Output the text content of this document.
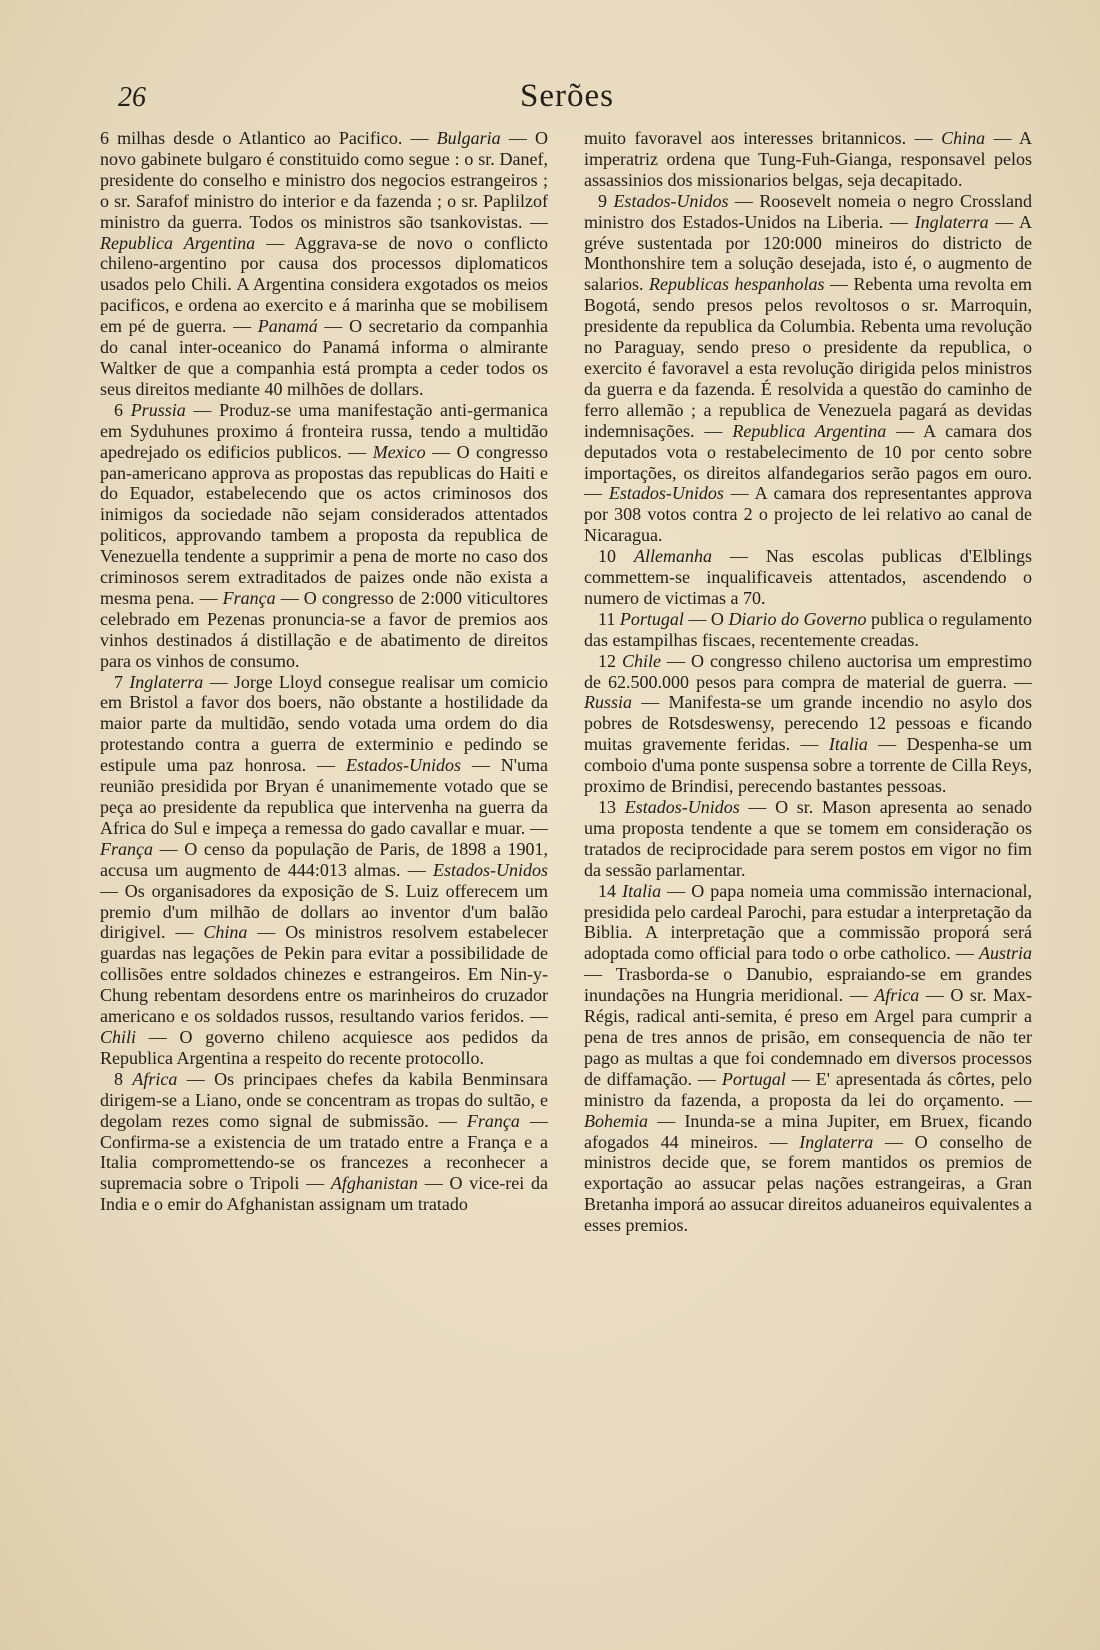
26	Serões

6 milhas desde o Atlantico ao Pacifico. — Bulgaria — O novo gabinete bulgaro é constituido como segue : o sr. Danef, presidente do conselho e ministro dos negocios estrangeiros ; o sr. Sarafof ministro do interior e da fazenda ; o sr. Paplilzof ministro da guerra. Todos os ministros são tsankovistas. — Republica Argentina — Aggrava-se de novo o conflicto chileno-argentino por causa dos processos diplomaticos usados pelo Chili. A Argentina considera exgotados os meios pacificos, e ordena ao exercito e á marinha que se mobilisem em pé de guerra. — Panamá — O secretario da companhia do canal inter-oceanico do Panamá informa o almirante Waltker de que a companhia está prompta a ceder todos os seus direitos mediante 40 milhões de dollars.

6 Prussia — Produz-se uma manifestação anti-germanica em Syduhunes proximo á fronteira russa, tendo a multidão apedrejado os edificios publicos. — Mexico — O congresso pan-americano approva as propostas das republicas do Haiti e do Equador, estabelecendo que os actos criminosos dos inimigos da sociedade não sejam considerados attentados politicos, approvando tambem a proposta da republica de Venezuella tendente a supprimir a pena de morte no caso dos criminosos serem extraditados de paizes onde não exista a mesma pena. — França — O congresso de 2:000 viticultores celebrado em Pezenas pronuncia-se a favor de premios aos vinhos destinados á distillação e de abatimento de direitos para os vinhos de consumo.

7 Inglaterra — Jorge Lloyd consegue realisar um comicio em Bristol a favor dos boers, não obstante a hostilidade da maior parte da multidão, sendo votada uma ordem do dia protestando contra a guerra de exterminio e pedindo se estipule uma paz honrosa. — Estados-Unidos — N'uma reunião presidida por Bryan é unanimemente votado que se peça ao presidente da republica que intervenha na guerra da Africa do Sul e impeça a remessa do gado cavallar e muar. — França — O censo da população de Paris, de 1898 a 1901, accusa um augmento de 444:013 almas. — Estados-Unidos — Os organisadores da exposição de S. Luiz offerecem um premio d'um milhão de dollars ao inventor d'um balão dirigivel. — China — Os ministros resolvem estabelecer guardas nas legações de Pekin para evitar a possibilidade de collisões entre soldados chinezes e estrangeiros. Em Nin-y-Chung rebentam desordens entre os marinheiros do cruzador americano e os soldados russos, resultando varios feridos. — Chili — O governo chileno acquiesce aos pedidos da Republica Argentina a respeito do recente protocollo.

8 Africa — Os principaes chefes da kabila Benminsara dirigem-se a Liano, onde se concentram as tropas do sultão, e degolam rezes como signal de submissão. — França — Confirma-se a existencia de um tratado entre a França e a Italia compromettendo-se os francezes a reconhecer a supremacia sobre o Tripoli — Afghanistan — O vice-rei da India e o emir do Afghanistan assignam um tratado

muito favoravel aos interesses britannicos. — China — A imperatriz ordena que Tung-Fuh-Gianga, responsavel pelos assassinios dos missionarios belgas, seja decapitado.

9 Estados-Unidos — Roosevelt nomeia o negro Crossland ministro dos Estados-Unidos na Liberia. — Inglaterra — A gréve sustentada por 120:000 mineiros do districto de Monthonshire tem a solução desejada, isto é, o augmento de salarios. Republicas hespanholas — Rebenta uma revolta em Bogotá, sendo presos pelos revoltosos o sr. Marroquin, presidente da republica da Columbia. Rebenta uma revolução no Paraguay, sendo preso o presidente da republica, o exercito é favoravel a esta revolução dirigida pelos ministros da guerra e da fazenda. É resolvida a questão do caminho de ferro allemão ; a republica de Venezuela pagará as devidas indemnisações. — Republica Argentina — A camara dos deputados vota o restabelecimento de 10 por cento sobre importações, os direitos alfandegarios serão pagos em ouro. — Estados-Unidos — A camara dos representantes approva por 308 votos contra 2 o projecto de lei relativo ao canal de Nicaragua.

10 Allemanha — Nas escolas publicas d'Elblings commettem-se inqualificaveis attentados, ascendendo o numero de victimas a 70.

11 Portugal — O Diario do Governo publica o regulamento das estampilhas fiscaes, recentemente creadas.

12 Chile — O congresso chileno auctorisa um emprestimo de 62.500.000 pesos para compra de material de guerra. — Russia — Manifesta-se um grande incendio no asylo dos pobres de Rotsdeswensy, perecendo 12 pessoas e ficando muitas gravemente feridas. — Italia — Despenha-se um comboio d'uma ponte suspensa sobre a torrente de Cilla Reys, proximo de Brindisi, perecendo bastantes pessoas.

13 Estados-Unidos — O sr. Mason apresenta ao senado uma proposta tendente a que se tomem em consideração os tratados de reciprocidade para serem postos em vigor no fim da sessão parlamentar.

14 Italia — O papa nomeia uma commissão internacional, presidida pelo cardeal Parochi, para estudar a interpretação da Biblia. A interpretação que a commissão proporá será adoptada como official para todo o orbe catholico. — Austria — Trasborda-se o Danubio, espraiando-se em grandes inundações na Hungria meridional. — Africa — O sr. Max-Régis, radical anti-semita, é preso em Argel para cumprir a pena de tres annos de prisão, em consequencia de não ter pago as multas a que foi condemnado em diversos processos de diffamação. — Portugal — E' apresentada ás côrtes, pelo ministro da fazenda, a proposta da lei do orçamento. — Bohemia — Inunda-se a mina Jupiter, em Bruex, ficando afogados 44 mineiros. — Inglaterra — O conselho de ministros decide que, se forem mantidos os premios de exportação ao assucar pelas nações estrangeiras, a Gran Bretanha imporá ao assucar direitos aduaneiros equivalentes a esses premios.
